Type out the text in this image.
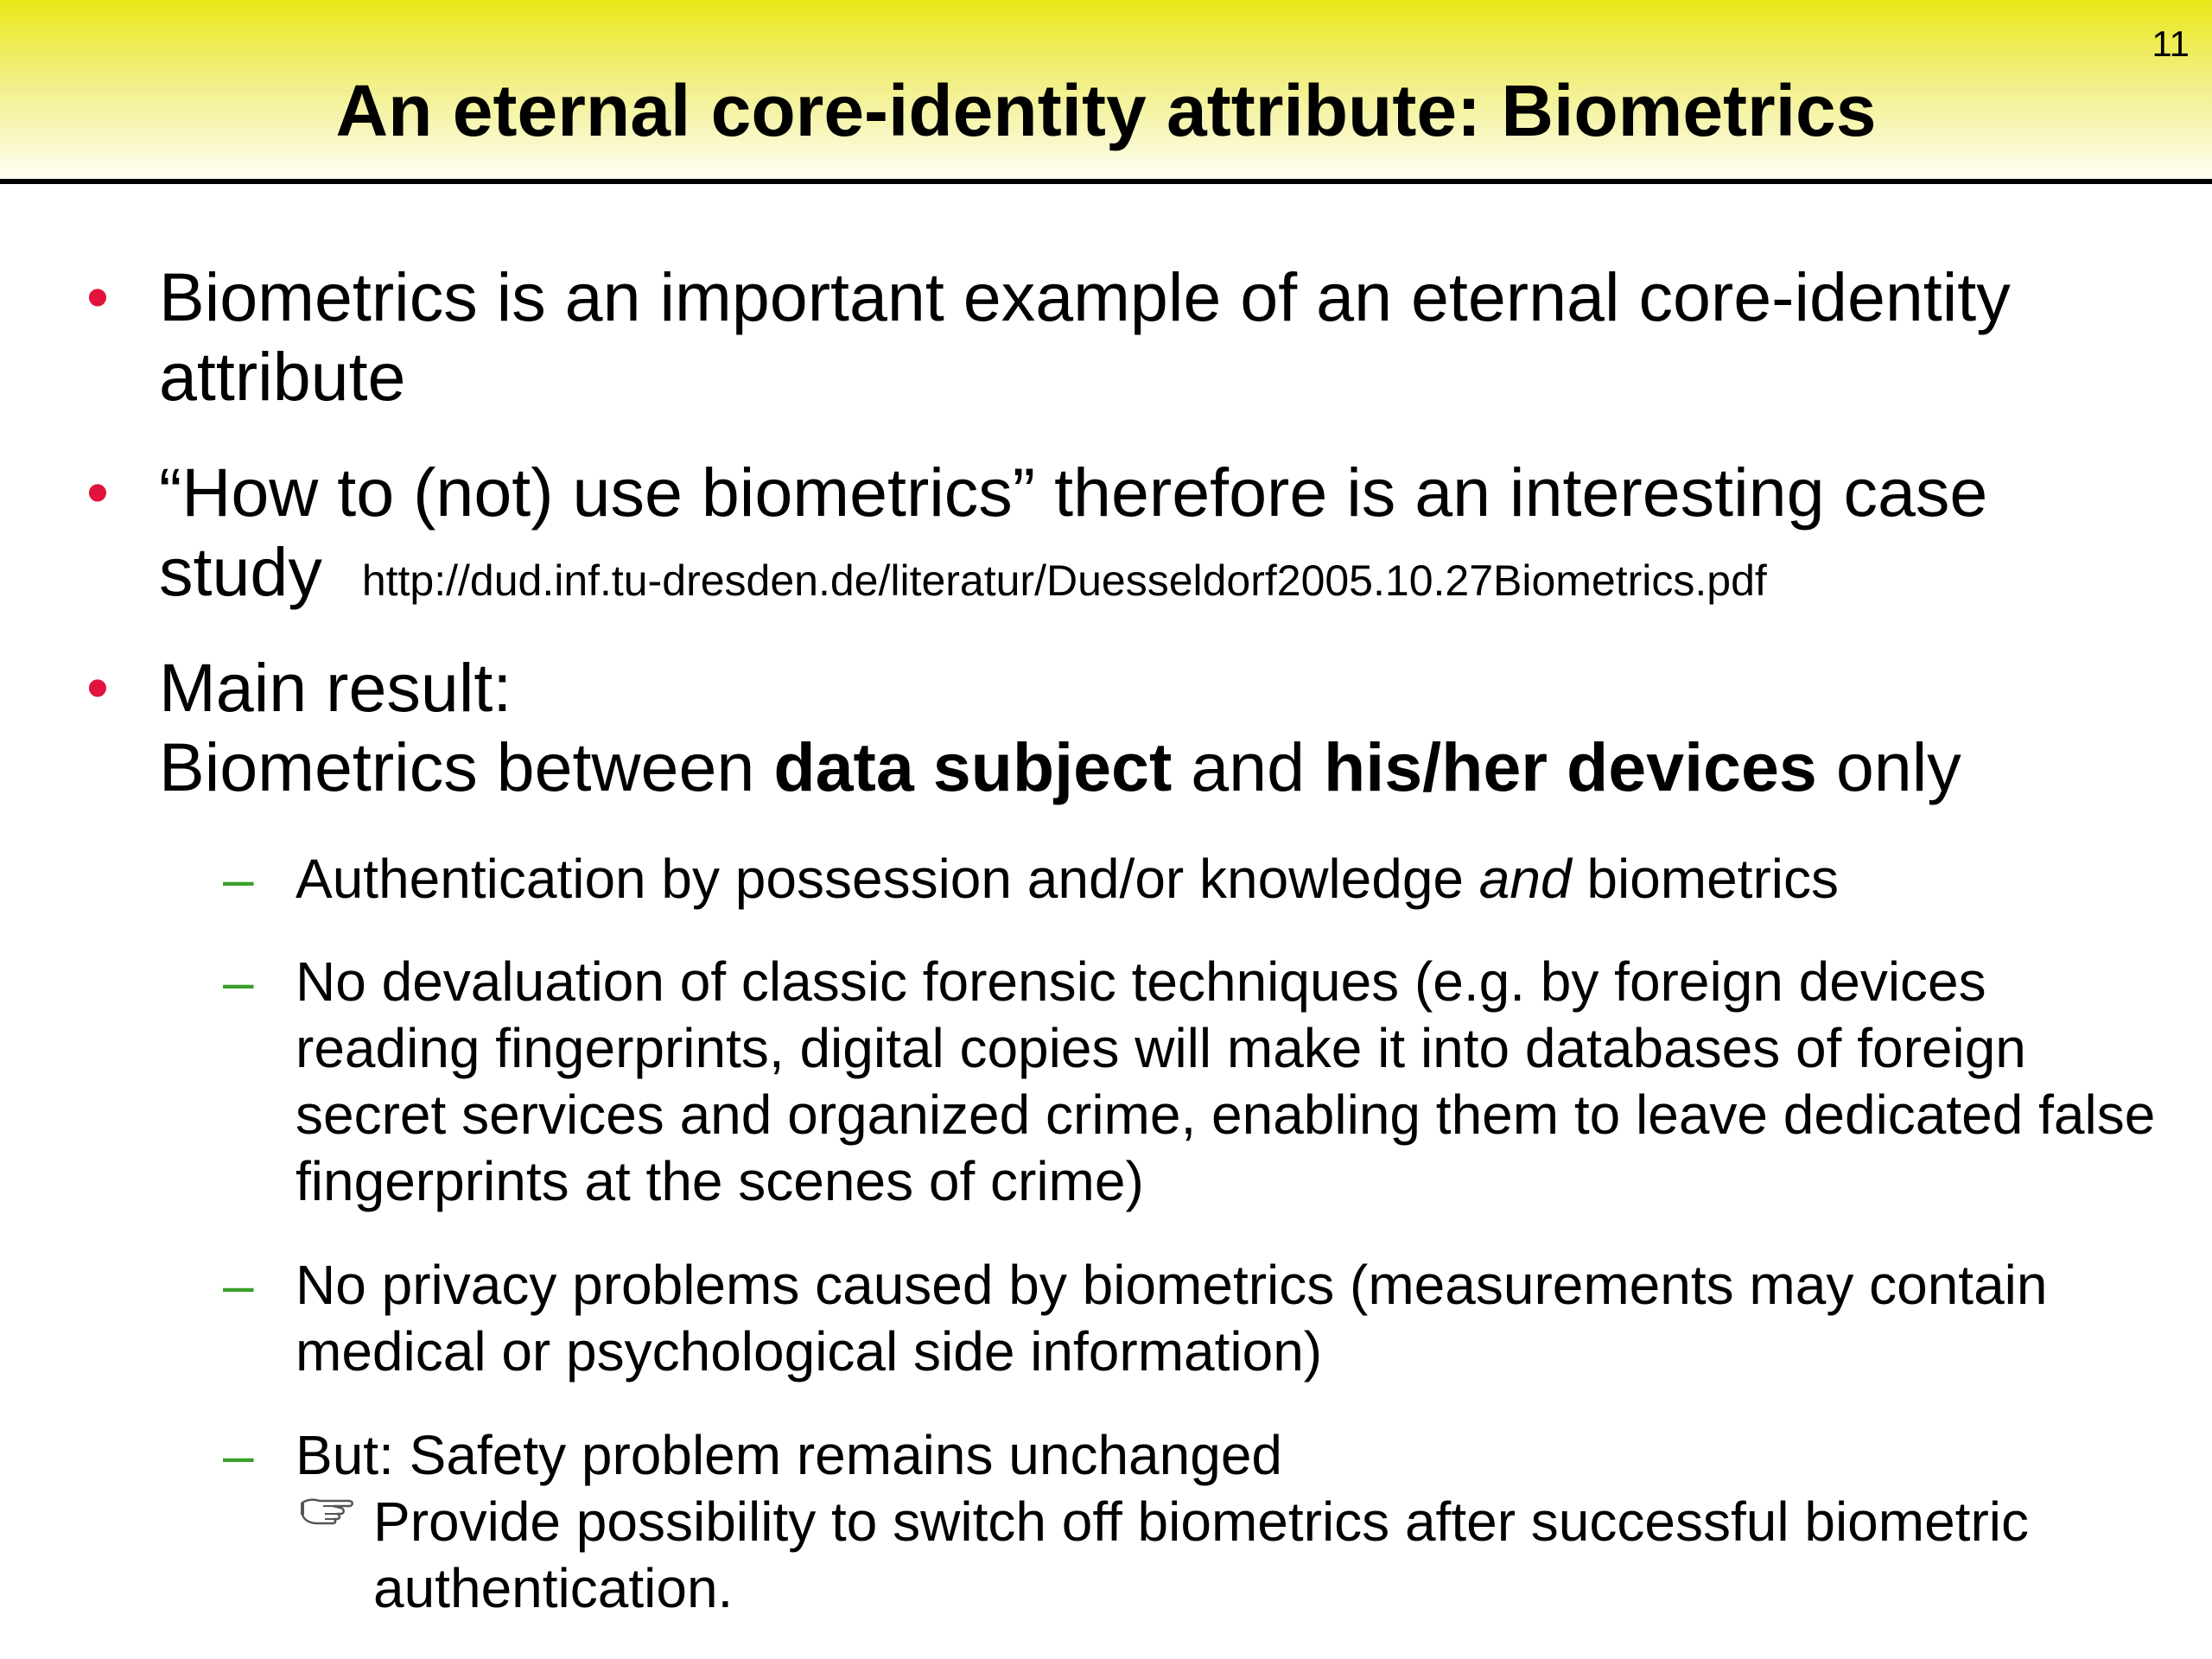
An eternal core-identity attribute: Biometrics
11
• Biometrics is an important example of an eternal core-identity attribute
• “How to (not) use biometrics” therefore is an interesting case study http://dud.inf.tu-dresden.de/literatur/Duesseldorf2005.10.27Biometrics.pdf
• Main result:
Biometrics between data subject and his/her devices only
– Authentication by possession and/or knowledge and biometrics
– No devaluation of classic forensic techniques (e.g. by foreign devices reading fingerprints, digital copies will make it into databases of foreign secret services and organized crime, enabling them to leave dedicated false fingerprints at the scenes of crime)
– No privacy problems caused by biometrics (measurements may contain medical or psychological side information)
– But: Safety problem remains unchanged
Provide possibility to switch off biometrics after successful biometric authentication.
